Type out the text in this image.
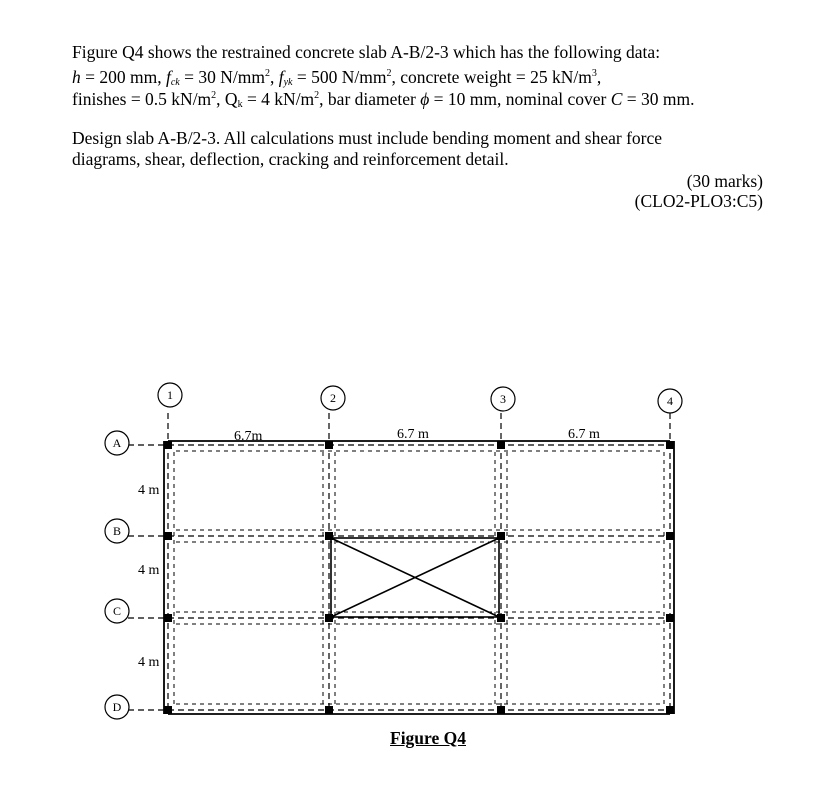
Figure Q4 shows the restrained concrete slab A-B/2-3 which has the following data:
h = 200 mm, $f_{ck} = 30$ $N/mm^2$, $f_{yk} = 500$ $N/mm^2$, concrete weight = 25 $kN/m^3$,
finishes = 0.5 $kN/m^2$, $Q_k = 4$ $kN/m^2$, bar diameter ϕ = 10 mm, nominal cover C = 30 mm.
Design slab A-B/2-3. All calculations must include bending moment and shear force
diagrams, shear, deflection, cracking and reinforcement detail.
(30 marks)
(CLO2-PLO3:C5)
1	2	3	4
A
B
C
D
6.7m	6.7 m	6.7 m
4 m
4 m
4 m
Figure Q4
